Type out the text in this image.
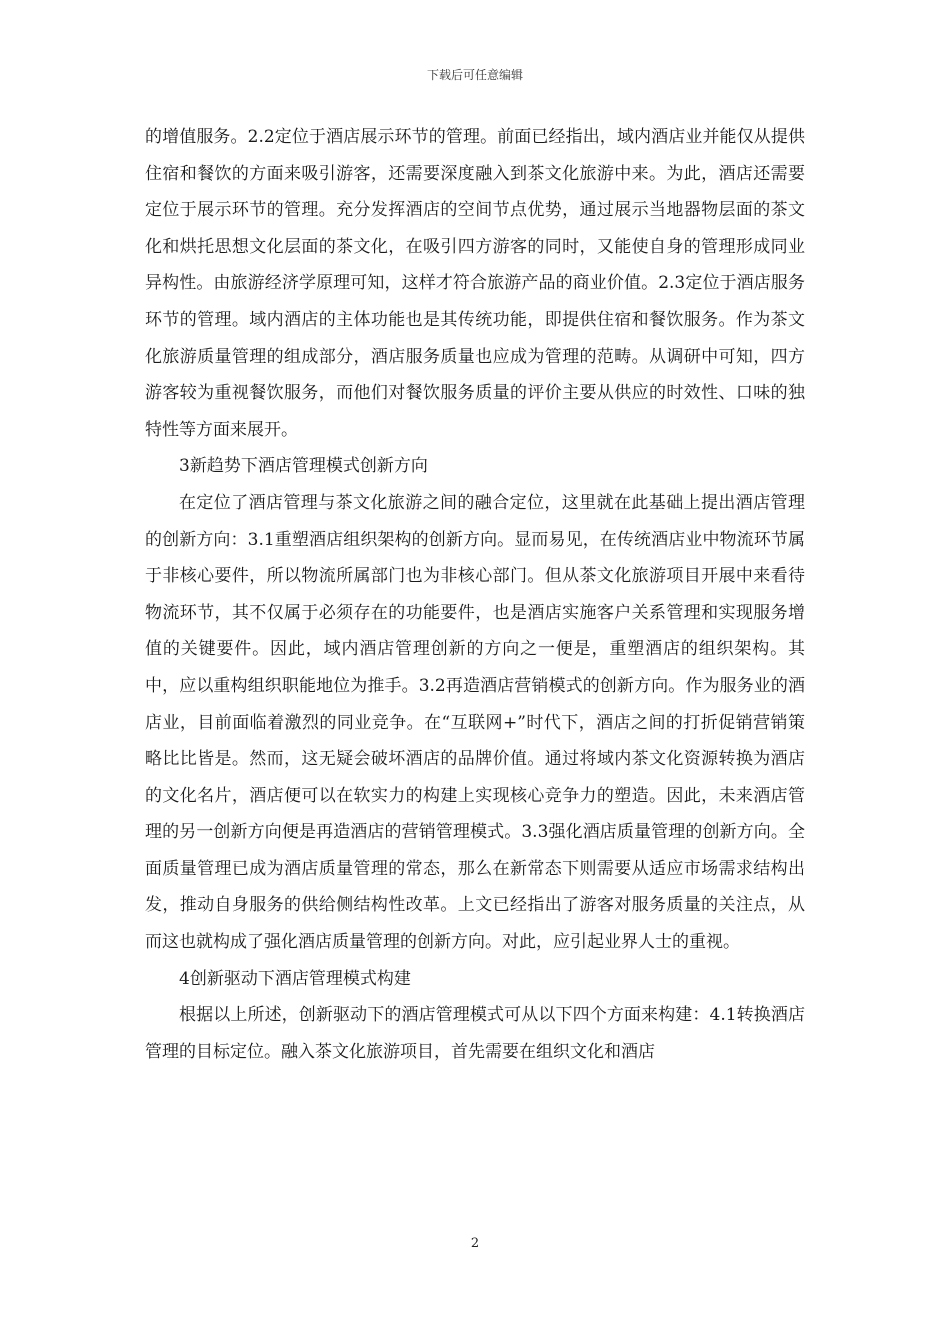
下载后可任意编辑

的增值服务。2.2定位于酒店展示环节的管理。前面已经指出，域内酒店业并能仅从提供住宿和餐饮的方面来吸引游客，还需要深度融入到茶文化旅游中来。为此，酒店还需要定位于展示环节的管理。充分发挥酒店的空间节点优势，通过展示当地器物层面的茶文化和烘托思想文化层面的茶文化，在吸引四方游客的同时，又能使自身的管理形成同业异构性。由旅游经济学原理可知，这样才符合旅游产品的商业价值。2.3定位于酒店服务环节的管理。域内酒店的主体功能也是其传统功能，即提供住宿和餐饮服务。作为茶文化旅游质量管理的组成部分，酒店服务质量也应成为管理的范畴。从调研中可知，四方游客较为重视餐饮服务，而他们对餐饮服务质量的评价主要从供应的时效性、口味的独特性等方面来展开。

3新趋势下酒店管理模式创新方向

在定位了酒店管理与茶文化旅游之间的融合定位，这里就在此基础上提出酒店管理的创新方向：3.1重塑酒店组织架构的创新方向。显而易见，在传统酒店业中物流环节属于非核心要件，所以物流所属部门也为非核心部门。但从茶文化旅游项目开展中来看待物流环节，其不仅属于必须存在的功能要件，也是酒店实施客户关系管理和实现服务增值的关键要件。因此，域内酒店管理创新的方向之一便是，重塑酒店的组织架构。其中，应以重构组织职能地位为推手。3.2再造酒店营销模式的创新方向。作为服务业的酒店业，目前面临着激烈的同业竞争。在“互联网+”时代下，酒店之间的打折促销营销策略比比皆是。然而，这无疑会破坏酒店的品牌价值。通过将域内茶文化资源转换为酒店的文化名片，酒店便可以在软实力的构建上实现核心竞争力的塑造。因此，未来酒店管理的另一创新方向便是再造酒店的营销管理模式。3.3强化酒店质量管理的创新方向。全面质量管理已成为酒店质量管理的常态，那么在新常态下则需要从适应市场需求结构出发，推动自身服务的供给侧结构性改革。上文已经指出了游客对服务质量的关注点，从而这也就构成了强化酒店质量管理的创新方向。对此，应引起业界人士的重视。

4创新驱动下酒店管理模式构建

根据以上所述，创新驱动下的酒店管理模式可从以下四个方面来构建：4.1转换酒店管理的目标定位。融入茶文化旅游项目，首先需要在组织文化和酒店

2
